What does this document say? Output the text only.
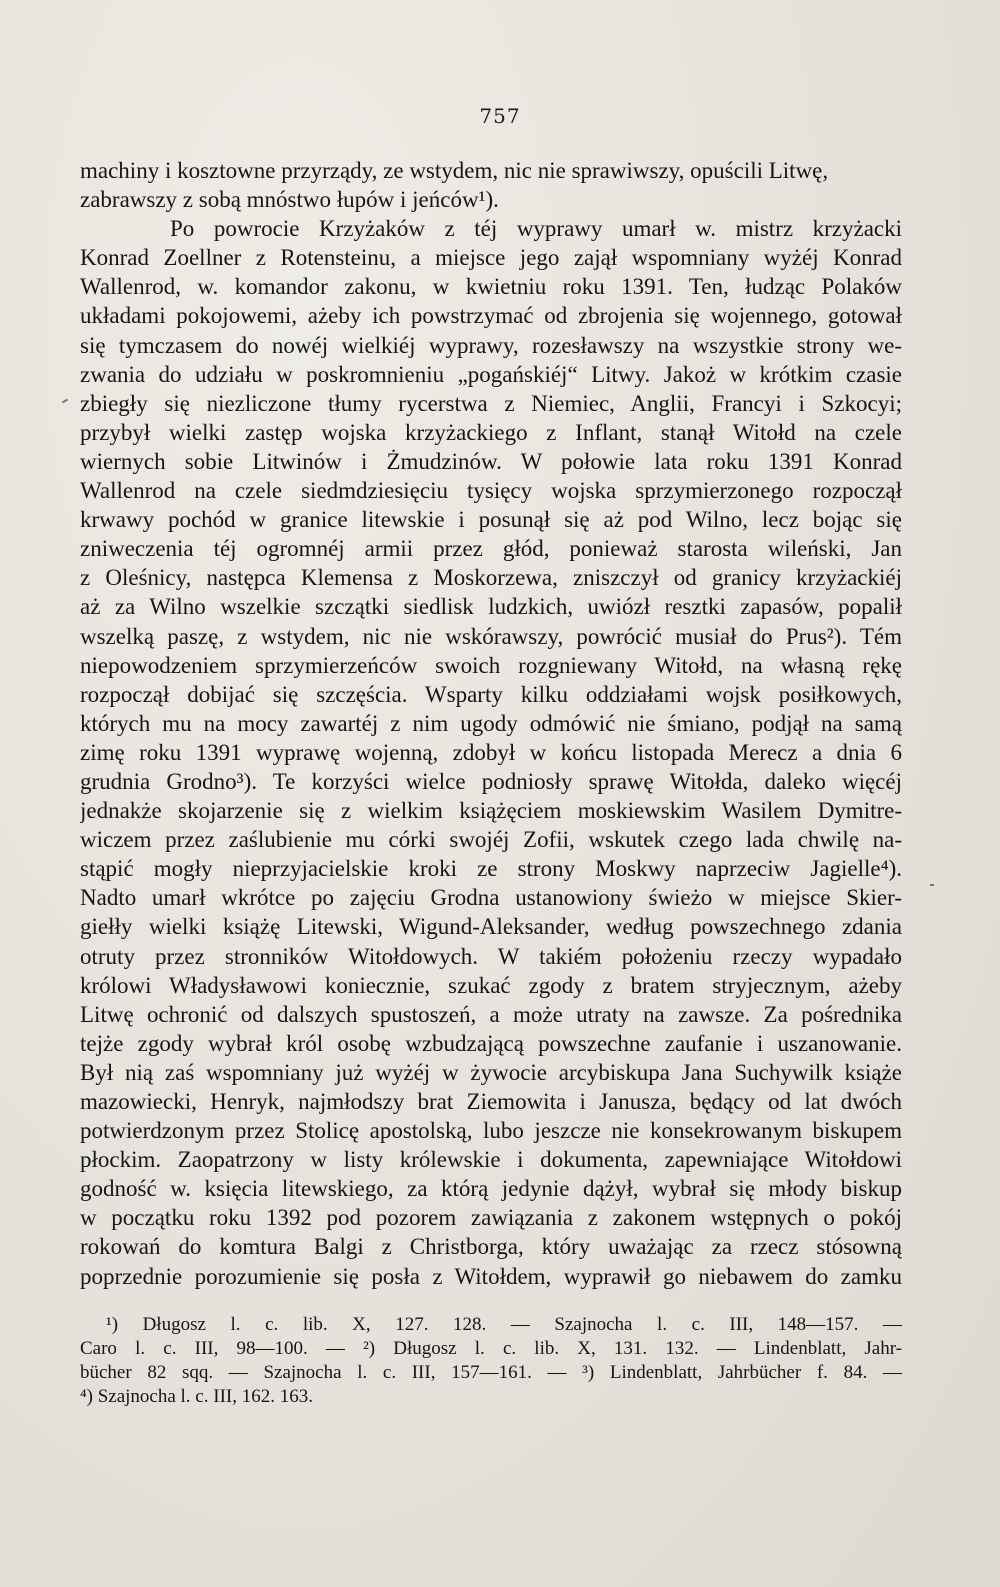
757
machiny i kosztowne przyrządy, ze wstydem, nic nie sprawiwszy, opuścili Litwę,
zabrawszy z sobą mnóstwo łupów i jeńców¹).
Po powrocie Krzyżaków z téj wyprawy umarł w. mistrz krzyżacki
Konrad Zoellner z Rotensteinu, a miejsce jego zajął wspomniany wyżéj Konrad
Wallenrod, w. komandor zakonu, w kwietniu roku 1391. Ten, łudząc Polaków
układami pokojowemi, ażeby ich powstrzymać od zbrojenia się wojennego, gotował
się tymczasem do nowéj wielkiéj wyprawy, rozesławszy na wszystkie strony we-
zwania do udziału w poskromnieniu „pogańskiéj“ Litwy. Jakoż w krótkim czasie
zbiegły się niezliczone tłumy rycerstwa z Niemiec, Anglii, Francyi i Szkocyi;
przybył wielki zastęp wojska krzyżackiego z Inflant, stanął Witołd na czele
wiernych sobie Litwinów i Żmudzinów. W połowie lata roku 1391 Konrad
Wallenrod na czele siedmdziesięciu tysięcy wojska sprzymierzonego rozpoczął
krwawy pochód w granice litewskie i posunął się aż pod Wilno, lecz bojąc się
zniweczenia téj ogromnéj armii przez głód, ponieważ starosta wileński, Jan
z Oleśnicy, następca Klemensa z Moskorzewa, zniszczył od granicy krzyżackiéj
aż za Wilno wszelkie szczątki siedlisk ludzkich, uwiózł resztki zapasów, popalił
wszelką paszę, z wstydem, nic nie wskórawszy, powrócić musiał do Prus²). Tém
niepowodzeniem sprzymierzeńców swoich rozgniewany Witołd, na własną rękę
rozpoczął dobijać się szczęścia. Wsparty kilku oddziałami wojsk posiłkowych,
których mu na mocy zawartéj z nim ugody odmówić nie śmiano, podjął na samą
zimę roku 1391 wyprawę wojenną, zdobył w końcu listopada Merecz a dnia 6
grudnia Grodno³). Te korzyści wielce podniosły sprawę Witołda, daleko więcéj
jednakże skojarzenie się z wielkim książęciem moskiewskim Wasilem Dymitre-
wiczem przez zaślubienie mu córki swojéj Zofii, wskutek czego lada chwilę na-
stąpić mogły nieprzyjacielskie kroki ze strony Moskwy naprzeciw Jagielle⁴).
Nadto umarł wkrótce po zajęciu Grodna ustanowiony świeżo w miejsce Skier-
giełły wielki książę Litewski, Wigund-Aleksander, według powszechnego zdania
otruty przez stronników Witołdowych. W takiém położeniu rzeczy wypadało
królowi Władysławowi koniecznie, szukać zgody z bratem stryjecznym, ażeby
Litwę ochronić od dalszych spustoszeń, a może utraty na zawsze. Za pośrednika
tejże zgody wybrał król osobę wzbudzającą powszechne zaufanie i uszanowanie.
Był nią zaś wspomniany już wyżéj w żywocie arcybiskupa Jana Suchywilk książe
mazowiecki, Henryk, najmłodszy brat Ziemowita i Janusza, będący od lat dwóch
potwierdzonym przez Stolicę apostolską, lubo jeszcze nie konsekrowanym biskupem
płockim. Zaopatrzony w listy królewskie i dokumenta, zapewniające Witołdowi
godność w. księcia litewskiego, za którą jedynie dążył, wybrał się młody biskup
w początku roku 1392 pod pozorem zawiązania z zakonem wstępnych o pokój
rokowań do komtura Balgi z Christborga, który uważając za rzecz stósowną
poprzednie porozumienie się posła z Witołdem, wyprawił go niebawem do zamku
¹) Długosz l. c. lib. X, 127. 128. — Szajnocha l. c. III, 148—157. —
Caro l. c. III, 98—100. — ²) Długosz l. c. lib. X, 131. 132. — Lindenblatt, Jahr-
bücher 82 sqq. — Szajnocha l. c. III, 157—161. — ³) Lindenblatt, Jahrbücher f. 84. —
⁴) Szajnocha l. c. III, 162. 163.
